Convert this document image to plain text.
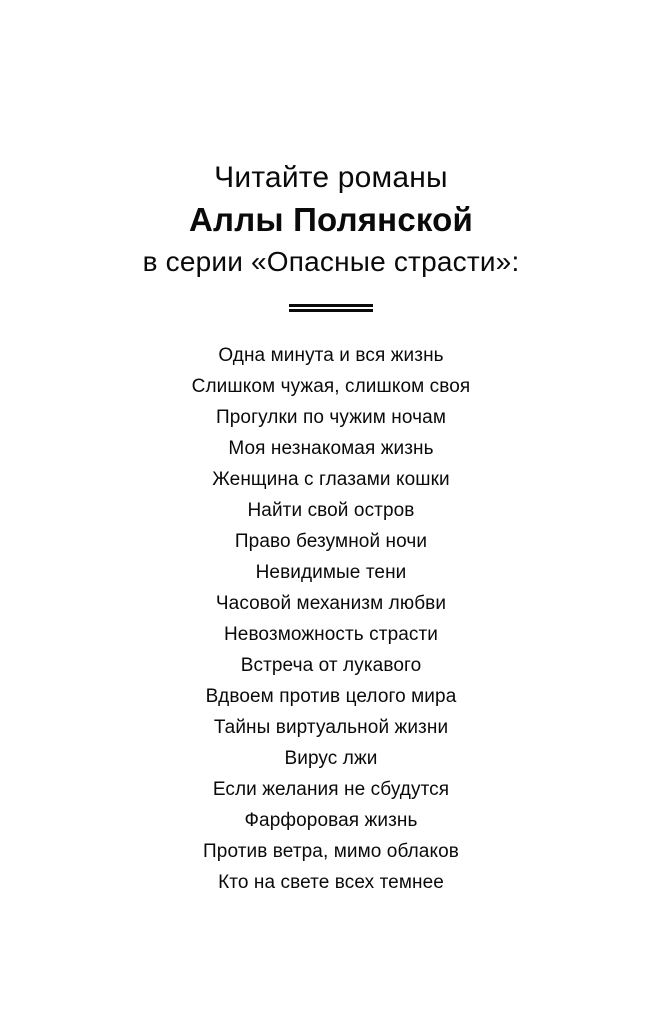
Читайте романы
Аллы Полянской
в серии «Опасные страсти»:
Одна минута и вся жизнь
Слишком чужая, слишком своя
Прогулки по чужим ночам
Моя незнакомая жизнь
Женщина с глазами кошки
Найти свой остров
Право безумной ночи
Невидимые тени
Часовой механизм любви
Невозможность страсти
Встреча от лукавого
Вдвоем против целого мира
Тайны виртуальной жизни
Вирус лжи
Если желания не сбудутся
Фарфоровая жизнь
Против ветра, мимо облаков
Кто на свете всех темнее
